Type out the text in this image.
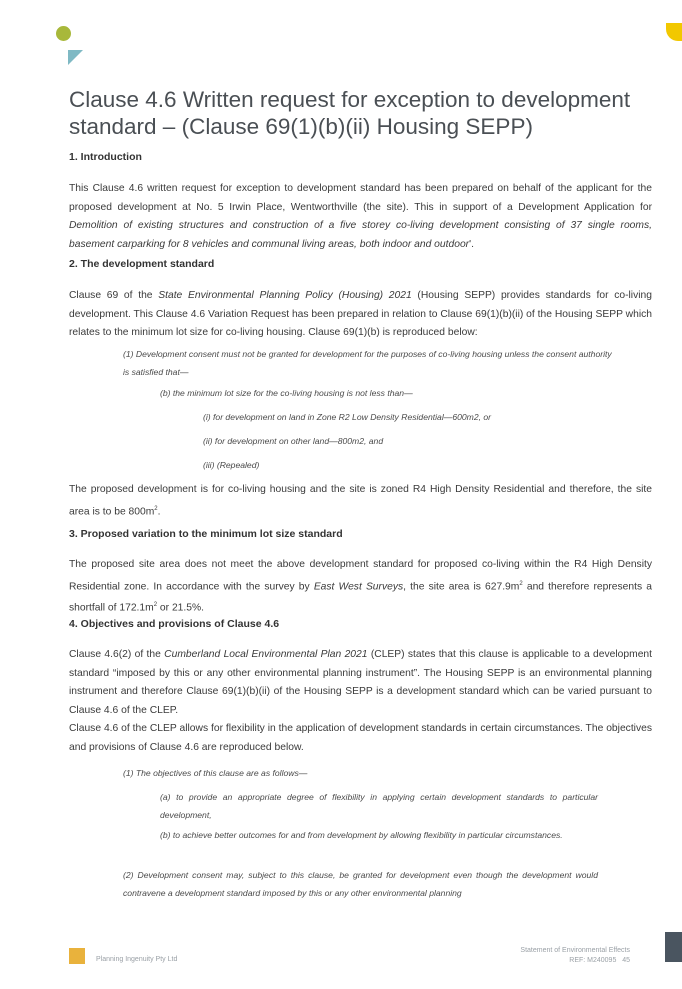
Clause 4.6 Written request for exception to development standard – (Clause 69(1)(b)(ii) Housing SEPP)

1. Introduction

This Clause 4.6 written request for exception to development standard has been prepared on behalf of the applicant for the proposed development at No. 5 Irwin Place, Wentworthville (the site). This in support of a Development Application for Demolition of existing structures and construction of a five storey co-living development consisting of 37 single rooms, basement carparking for 8 vehicles and communal living areas, both indoor and outdoor'.

2. The development standard

Clause 69 of the State Environmental Planning Policy (Housing) 2021 (Housing SEPP) provides standards for co-living development. This Clause 4.6 Variation Request has been prepared in relation to Clause 69(1)(b)(ii) of the Housing SEPP which relates to the minimum lot size for co-living housing. Clause 69(1)(b) is reproduced below:

(1) Development consent must not be granted for development for the purposes of co-living housing unless the consent authority is satisfied that—

(b) the minimum lot size for the co-living housing is not less than—

(i) for development on land in Zone R2 Low Density Residential—600m2, or

(ii) for development on other land—800m2, and

(iii) (Repealed)

The proposed development is for co-living housing and the site is zoned R4 High Density Residential and therefore, the site area is to be $800m^2$.

3. Proposed variation to the minimum lot size standard

The proposed site area does not meet the above development standard for proposed co-living within the R4 High Density Residential zone. In accordance with the survey by East West Surveys, the site area is $627.9m^2$ and therefore represents a shortfall of $172.1m^2$ or 21.5%.

4. Objectives and provisions of Clause 4.6

Clause 4.6(2) of the Cumberland Local Environmental Plan 2021 (CLEP) states that this clause is applicable to a development standard “imposed by this or any other environmental planning instrument”. The Housing SEPP is an environmental planning instrument and therefore Clause 69(1)(b)(ii) of the Housing SEPP is a development standard which can be varied pursuant to Clause 4.6 of the CLEP.

Clause 4.6 of the CLEP allows for flexibility in the application of development standards in certain circumstances. The objectives and provisions of Clause 4.6 are reproduced below.

(1) The objectives of this clause are as follows—

(a) to provide an appropriate degree of flexibility in applying certain development standards to particular development,

(b) to achieve better outcomes for and from development by allowing flexibility in particular circumstances.

(2) Development consent may, subject to this clause, be granted for development even though the development would contravene a development standard imposed by this or any other environmental planning

Planning Ingenuity Pty Ltd
Statement of Environmental Effects
REF: M240095 45
